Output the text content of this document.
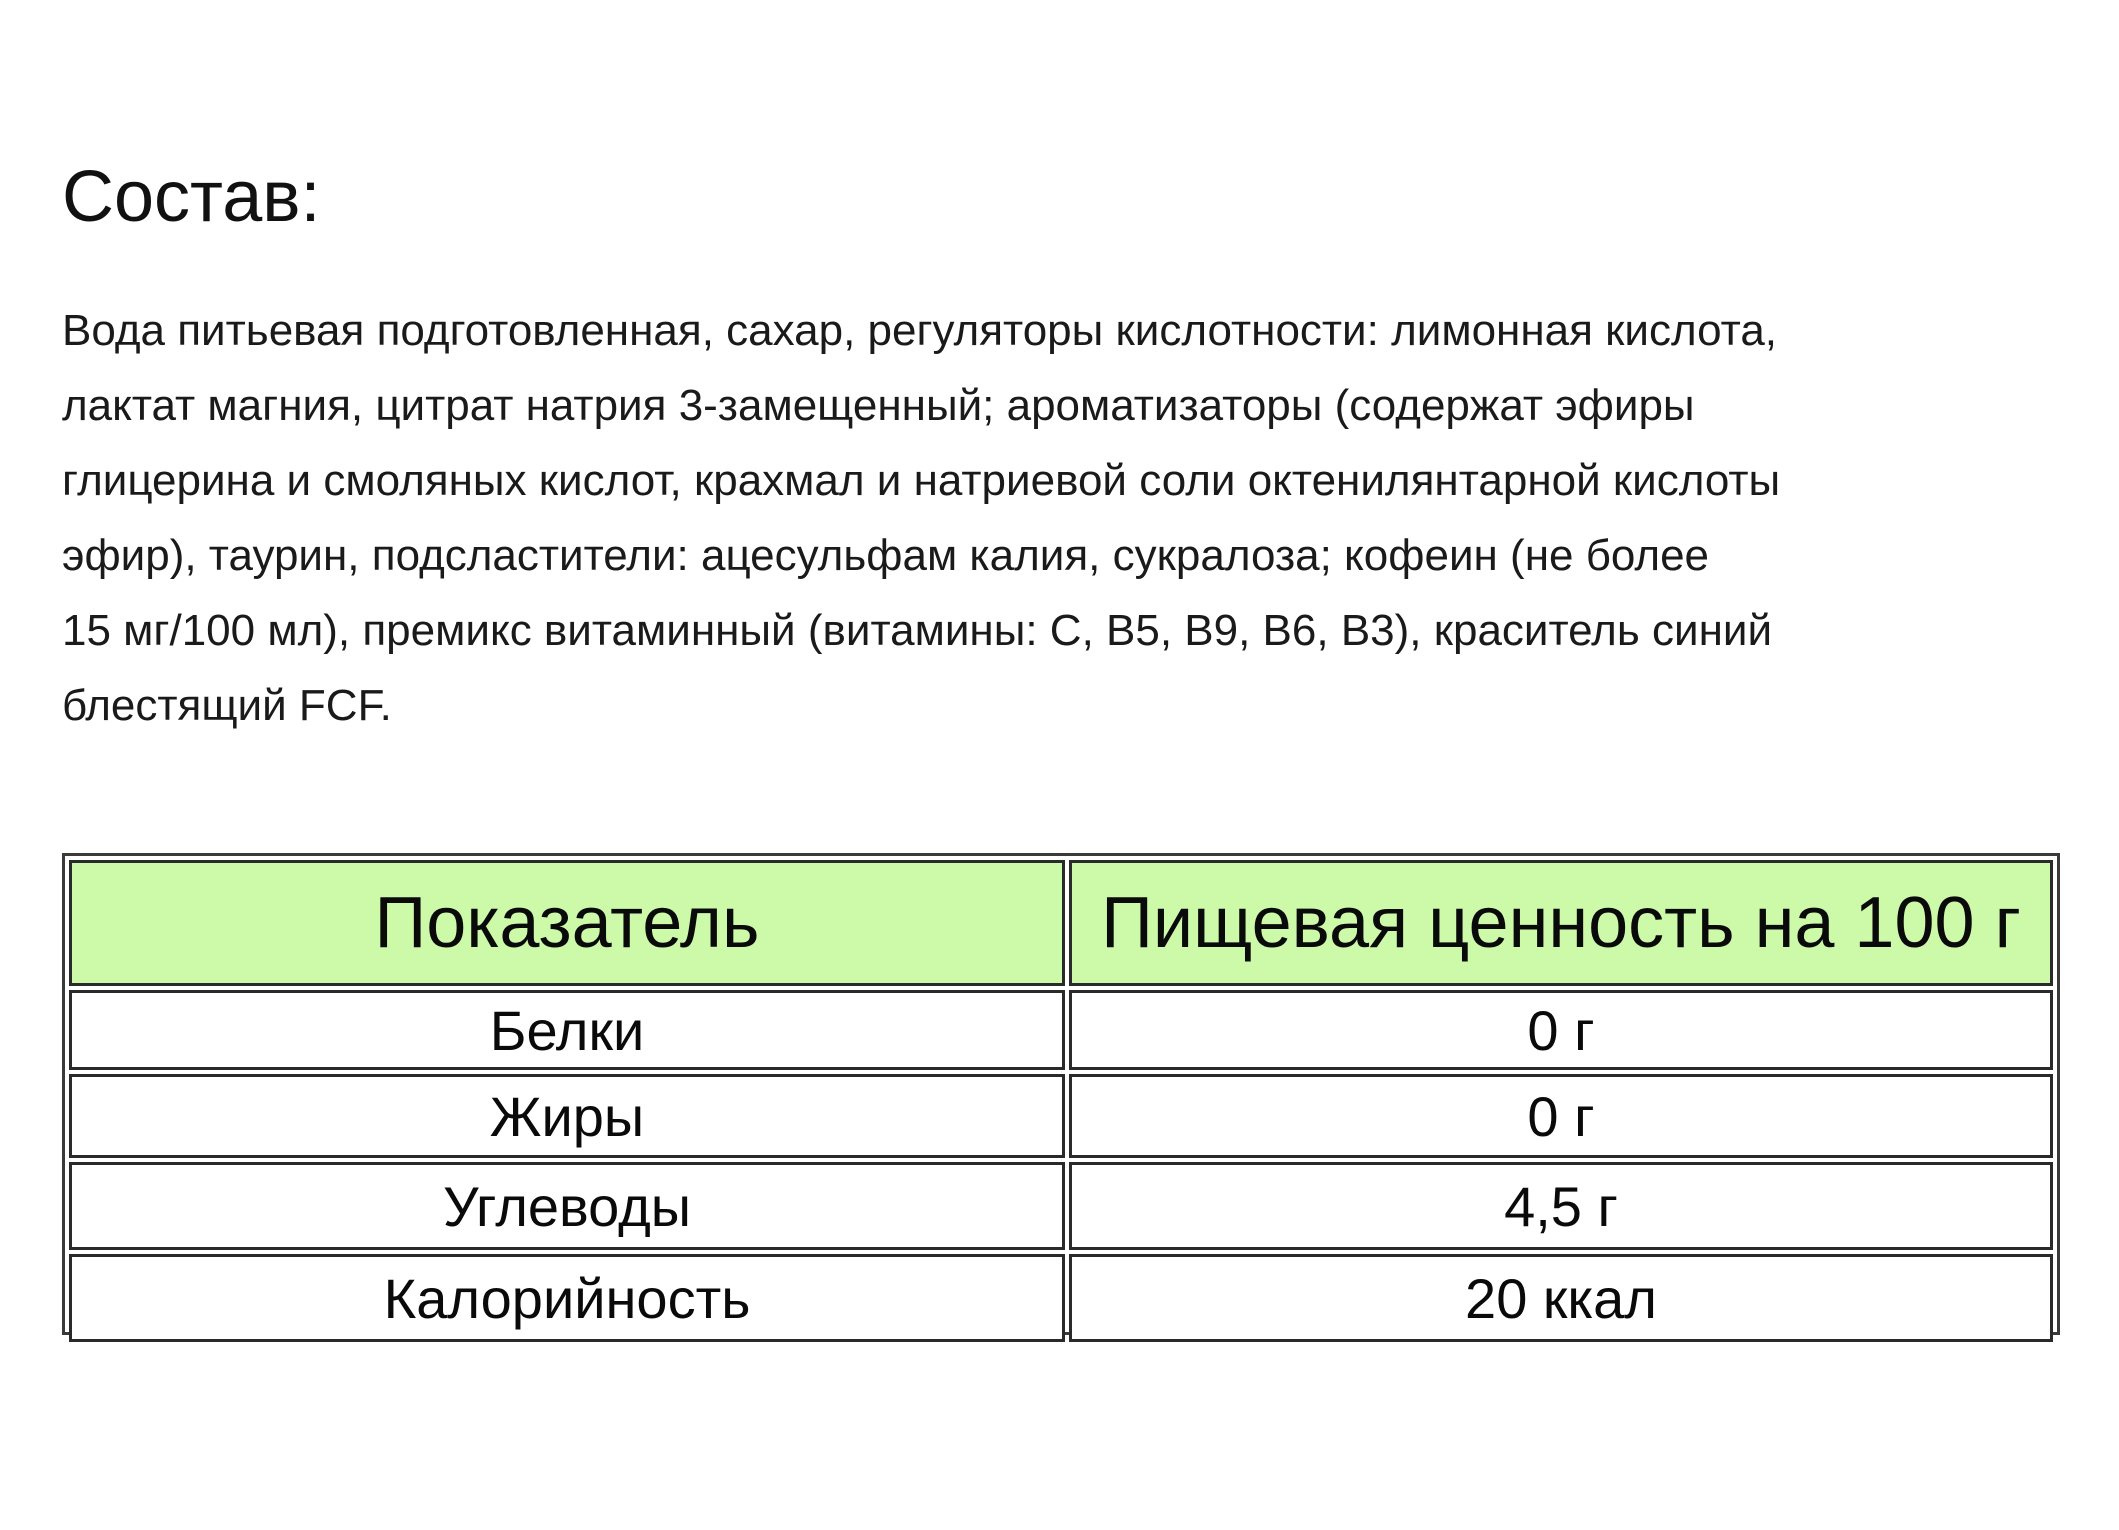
Состав:
Вода питьевая подготовленная, сахар, регуляторы кислотности: лимонная кислота,
лактат магния, цитрат натрия 3-замещенный; ароматизаторы (содержат эфиры
глицерина и смоляных кислот, крахмал и натриевой соли октенилянтарной кислоты
эфир), таурин, подсластители: ацесульфам калия, сукралоза; кофеин (не более
15 мг/100 мл), премикс витаминный (витамины: С, В5, В9, В6, В3), краситель синий
блестящий FCF.
Показатель	Пищевая ценность на 100 г
Белки	0 г
Жиры	0 г
Углеводы	4,5 г
Калорийность	20 ккал
